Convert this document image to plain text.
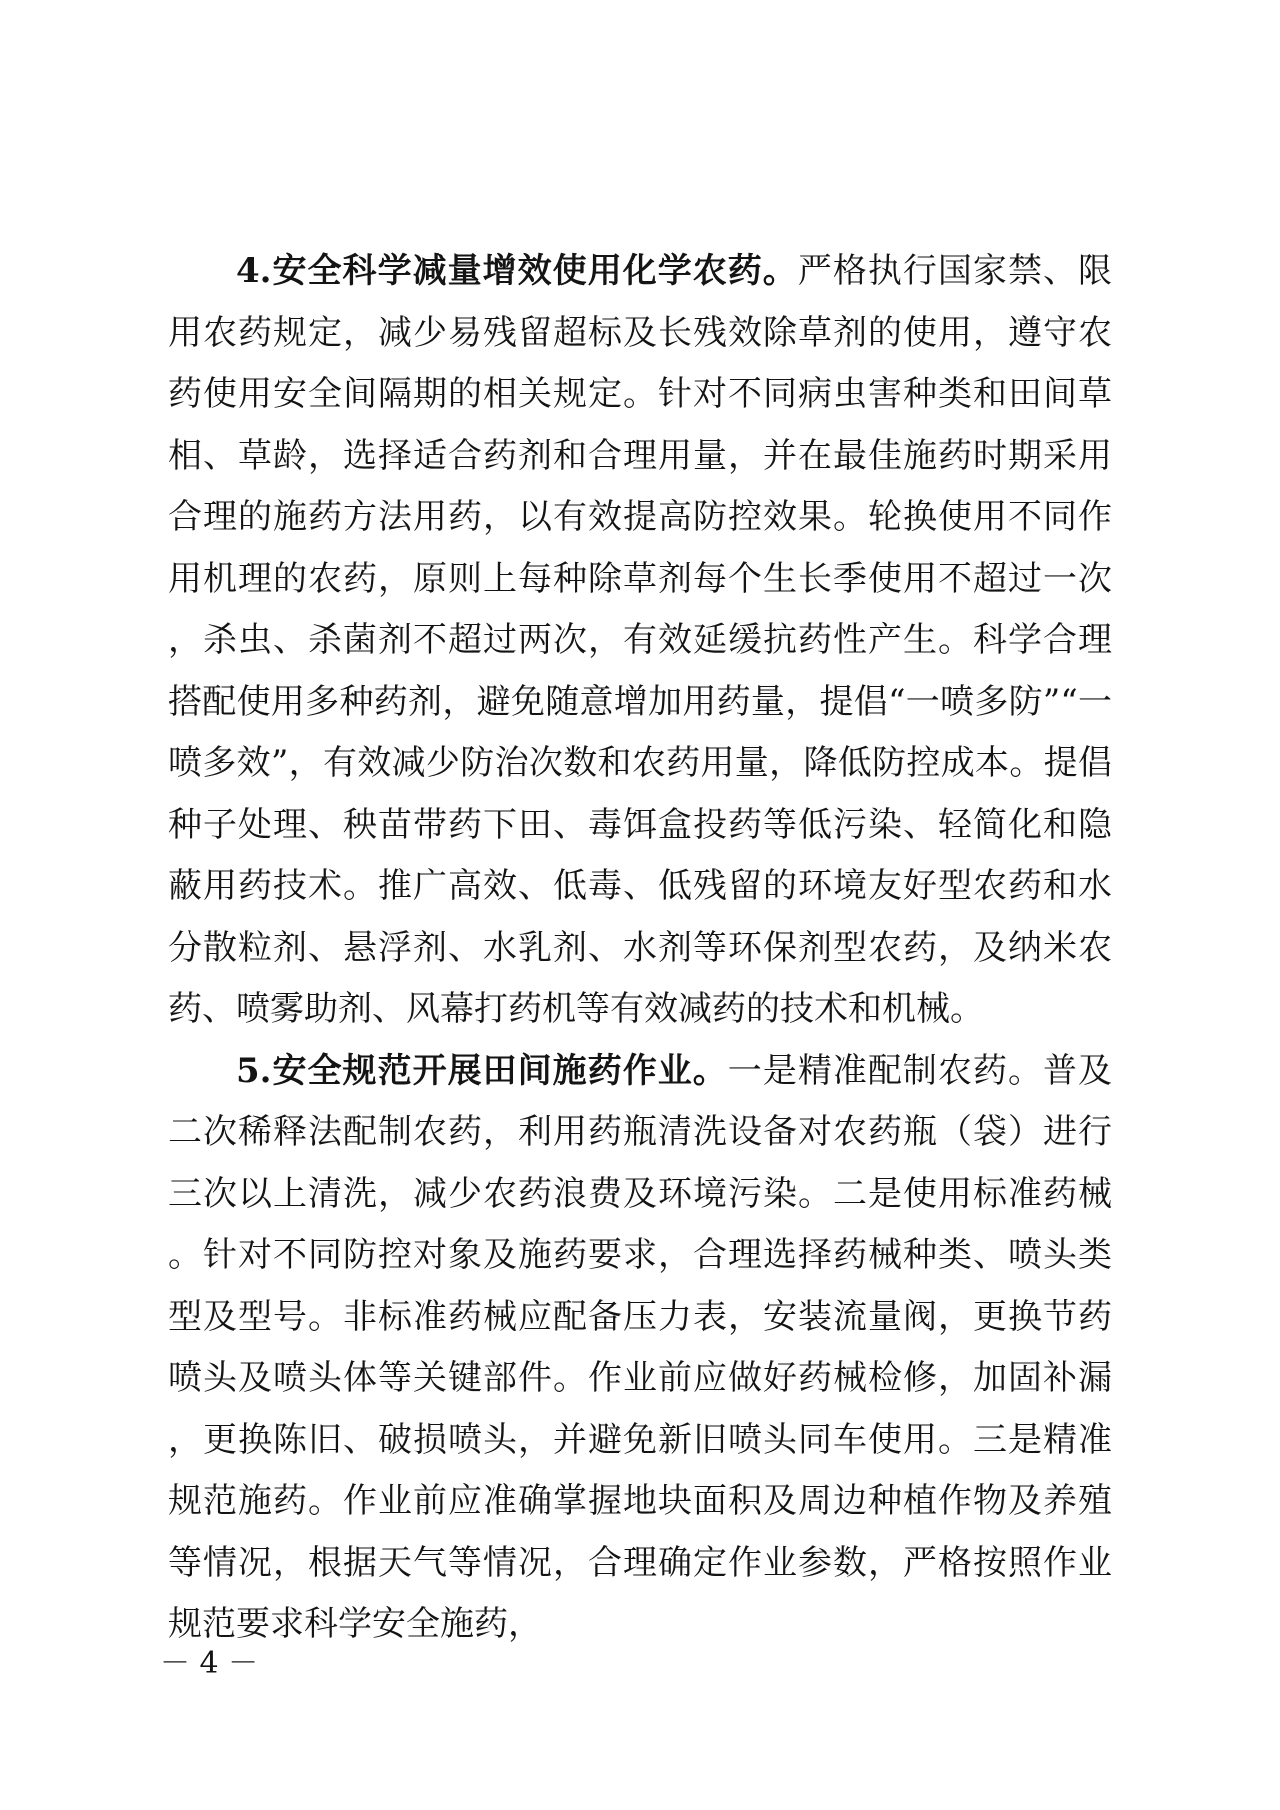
4.安全科学减量增效使用化学农药。严格执行国家禁、限用农药规定，减少易残留超标及长残效除草剂的使用，遵守农药使用安全间隔期的相关规定。针对不同病虫害种类和田间草相、草龄，选择适合药剂和合理用量，并在最佳施药时期采用合理的施药方法用药，以有效提高防控效果。轮换使用不同作用机理的农药，原则上每种除草剂每个生长季使用不超过一次，杀虫、杀菌剂不超过两次，有效延缓抗药性产生。科学合理搭配使用多种药剂，避免随意增加用药量，提倡“一喷多防”“一喷多效”，有效减少防治次数和农药用量，降低防控成本。提倡种子处理、秧苗带药下田、毒饵盒投药等低污染、轻简化和隐蔽用药技术。推广高效、低毒、低残留的环境友好型农药和水分散粒剂、悬浮剂、水乳剂、水剂等环保剂型农药，及纳米农药、喷雾助剂、风幕打药机等有效减药的技术和机械。

5.安全规范开展田间施药作业。一是精准配制农药。普及二次稀释法配制农药，利用药瓶清洗设备对农药瓶（袋）进行三次以上清洗，减少农药浪费及环境污染。二是使用标准药械。针对不同防控对象及施药要求，合理选择药械种类、喷头类型及型号。非标准药械应配备压力表，安装流量阀，更换节药喷头及喷头体等关键部件。作业前应做好药械检修，加固补漏，更换陈旧、破损喷头，并避免新旧喷头同车使用。三是精准规范施药。作业前应准确掌握地块面积及周边种植作物及养殖等情况，根据天气等情况，合理确定作业参数，严格按照作业规范要求科学安全施药，

－ 4 －
